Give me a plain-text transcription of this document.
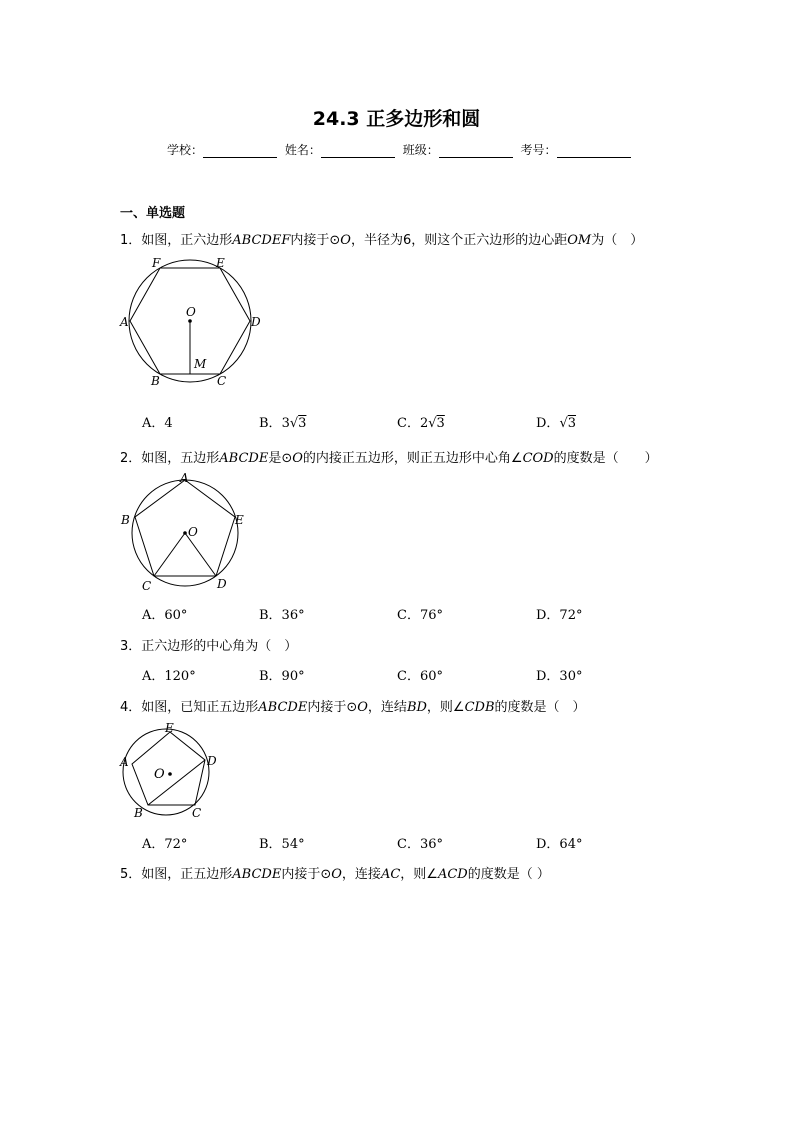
24.3 正多边形和圆
学校：	姓名：	班级：	考号：
一、单选题
1．如图，正六边形ABCDEF内接于⊙O，半径为6，则这个正六边形的边心距OM为（　）
F	E
A	D
O
M
B	C
A．4	B．3√3	C．2√3	D．√3
2．如图，五边形ABCDE是⊙O的内接正五边形，则正五边形中心角∠COD的度数是（　　）
A
B	E
O
C	D
A．60°	B．36°	C．76°	D．72°
3．正六边形的中心角为（　）
A．120°	B．90°	C．60°	D．30°
4．如图，已知正五边形ABCDE内接于⊙O，连结BD，则∠CDB的度数是（　）
E
A	D
O
B	C
A．72°	B．54°	C．36°	D．64°
5．如图，正五边形ABCDE内接于⊙O，连接AC，则∠ACD的度数是（ ）
